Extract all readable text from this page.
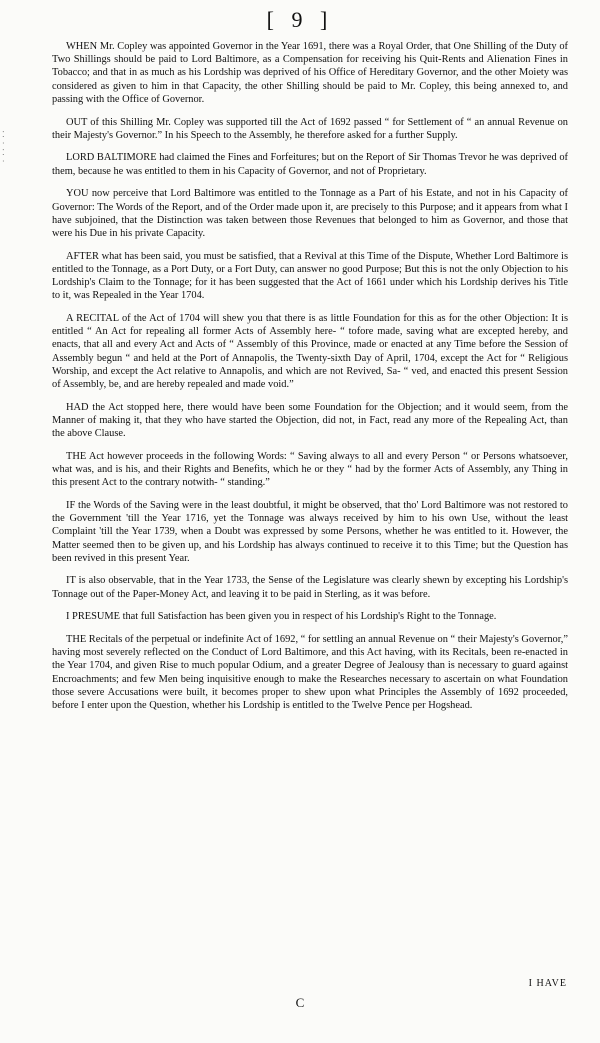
[ 9 ]
⁚
·
⁚
·

WHEN Mr. Copley was appointed Governor in the Year 1691, there was a Royal Order, that One Shilling of the Duty of Two Shillings should be paid to Lord Baltimore, as a Compensation for receiving his Quit-Rents and Alienation Fines in Tobacco; and that in as much as his Lordship was deprived of his Office of Hereditary Governor, and the other Moiety was considered as given to him in that Capacity, the other Shilling should be paid to Mr. Copley, this being annexed to, and passing with the Office of Governor.

OUT of this Shilling Mr. Copley was supported till the Act of 1692 passed “ for Settlement of “ an annual Revenue on their Majesty's Governor.” In his Speech to the Assembly, he therefore asked for a further Supply.

LORD BALTIMORE had claimed the Fines and Forfeitures; but on the Report of Sir Thomas Trevor he was deprived of them, because he was entitled to them in his Capacity of Governor, and not of Proprietary.

YOU now perceive that Lord Baltimore was entitled to the Tonnage as a Part of his Estate, and not in his Capacity of Governor: The Words of the Report, and of the Order made upon it, are precisely to this Purpose; and it appears from what I have subjoined, that the Distinction was taken between those Revenues that belonged to him as Governor, and those that were his Due in his private Capacity.

AFTER what has been said, you must be satisfied, that a Revival at this Time of the Dispute, Whether Lord Baltimore is entitled to the Tonnage, as a Port Duty, or a Fort Duty, can answer no good Purpose; But this is not the only Objection to his Lordship's Claim to the Tonnage; for it has been suggested that the Act of 1661 under which his Lordship derives his Title to it, was Repealed in the Year 1704.

A RECITAL of the Act of 1704 will shew you that there is as little Foundation for this as for the other Objection: It is entitled “ An Act for repealing all former Acts of Assembly here- “ tofore made, saving what are excepted hereby, and enacts, that all and every Act and Acts of “ Assembly of this Province, made or enacted at any Time before the Session of Assembly begun “ and held at the Port of Annapolis, the Twenty-sixth Day of April, 1704, except the Act for “ Religious Worship, and except the Act relative to Annapolis, and which are not Revived, Sa- “ ved, and enacted this present Session of Assembly, be, and are hereby repealed and made void.”

HAD the Act stopped here, there would have been some Foundation for the Objection; and it would seem, from the Manner of making it, that they who have started the Objection, did not, in Fact, read any more of the Repealing Act, than the above Clause.

THE Act however proceeds in the following Words: “ Saving always to all and every Person “ or Persons whatsoever, what was, and is his, and their Rights and Benefits, which he or they “ had by the former Acts of Assembly, any Thing in this present Act to the contrary notwith- “ standing.”

IF the Words of the Saving were in the least doubtful, it might be observed, that tho' Lord Baltimore was not restored to the Government 'till the Year 1716, yet the Tonnage was always received by him to his own Use, without the least Complaint 'till the Year 1739, when a Doubt was expressed by some Persons, whether he was entitled to it. However, the Matter seemed then to be given up, and his Lordship has always continued to receive it to this Time; but the Question has been revived in this present Year.

IT is also observable, that in the Year 1733, the Sense of the Legislature was clearly shewn by excepting his Lordship's Tonnage out of the Paper-Money Act, and leaving it to be paid in Sterling, as it was before.

I PRESUME that full Satisfaction has been given you in respect of his Lordship's Right to the Tonnage.

THE Recitals of the perpetual or indefinite Act of 1692, “ for settling an annual Revenue on “ their Majesty's Governor,” having most severely reflected on the Conduct of Lord Baltimore, and this Act having, with its Recitals, been re-enacted in the Year 1704, and given Rise to much popular Odium, and a greater Degree of Jealousy than is necessary to guard against Encroachments; and few Men being inquisitive enough to make the Researches necessary to ascertain on what Foundation those severe Accusations were built, it becomes proper to shew upon what Principles the Assembly of 1692 proceeded, before I enter upon the Question, whether his Lordship is entitled to the Twelve Pence per Hogshead.

I HAVE
C
